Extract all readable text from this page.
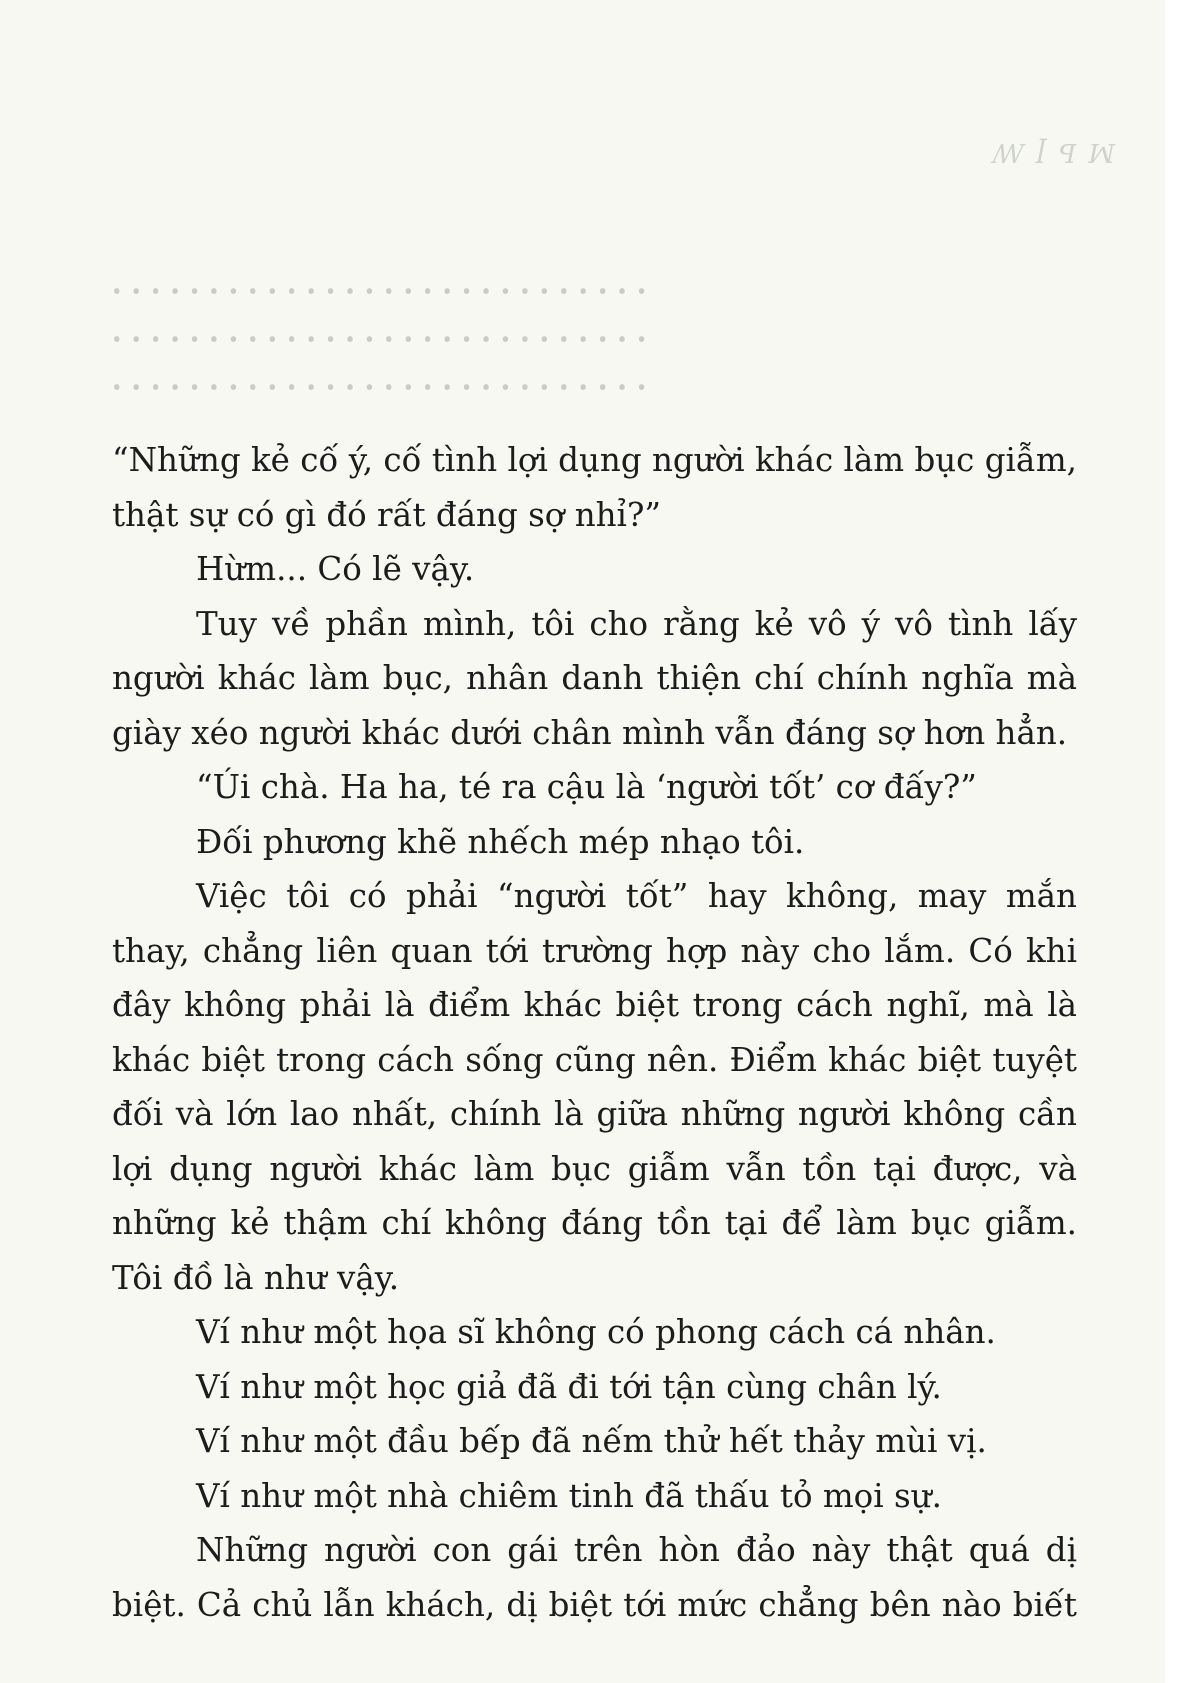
ꟿ ꟾ ꟼ ꟽ

ꞏ ꞏ ꞏ ꞏ ꞏ ꞏ ꞏ ꞏ ꞏ ꞏ ꞏ ꞏ ꞏ ꞏ ꞏ ꞏ ꞏ ꞏ ꞏ ꞏ ꞏ ꞏ ꞏ ꞏ ꞏ ꞏ ꞏ ꞏ

ꞏ ꞏ ꞏ ꞏ ꞏ ꞏ ꞏ ꞏ ꞏ ꞏ ꞏ ꞏ ꞏ ꞏ ꞏ ꞏ ꞏ ꞏ ꞏ ꞏ ꞏ ꞏ ꞏ ꞏ ꞏ ꞏ ꞏ ꞏ

ꞏ ꞏ ꞏ ꞏ ꞏ ꞏ ꞏ ꞏ ꞏ ꞏ ꞏ ꞏ ꞏ ꞏ ꞏ ꞏ ꞏ ꞏ ꞏ ꞏ ꞏ ꞏ ꞏ ꞏ ꞏ ꞏ ꞏ ꞏ

“Những kẻ cố ý, cố tình lợi dụng người khác làm bục giẫm, thật sự có gì đó rất đáng sợ nhỉ?”

Hừm... Có lẽ vậy.

Tuy về phần mình, tôi cho rằng kẻ vô ý vô tình lấy người khác làm bục, nhân danh thiện chí chính nghĩa mà giày xéo người khác dưới chân mình vẫn đáng sợ hơn hẳn.

“Úi chà. Ha ha, té ra cậu là ‘người tốt’ cơ đấy?”

Đối phương khẽ nhếch mép nhạo tôi.

Việc tôi có phải “người tốt” hay không, may mắn thay, chẳng liên quan tới trường hợp này cho lắm. Có khi đây không phải là điểm khác biệt trong cách nghĩ, mà là khác biệt trong cách sống cũng nên. Điểm khác biệt tuyệt đối và lớn lao nhất, chính là giữa những người không cần lợi dụng người khác làm bục giẫm vẫn tồn tại được, và những kẻ thậm chí không đáng tồn tại để làm bục giẫm. Tôi đồ là như vậy.

Ví như một họa sĩ không có phong cách cá nhân.

Ví như một học giả đã đi tới tận cùng chân lý.

Ví như một đầu bếp đã nếm thử hết thảy mùi vị.

Ví như một nhà chiêm tinh đã thấu tỏ mọi sự.

Những người con gái trên hòn đảo này thật quá dị biệt. Cả chủ lẫn khách, dị biệt tới mức chẳng bên nào biết
